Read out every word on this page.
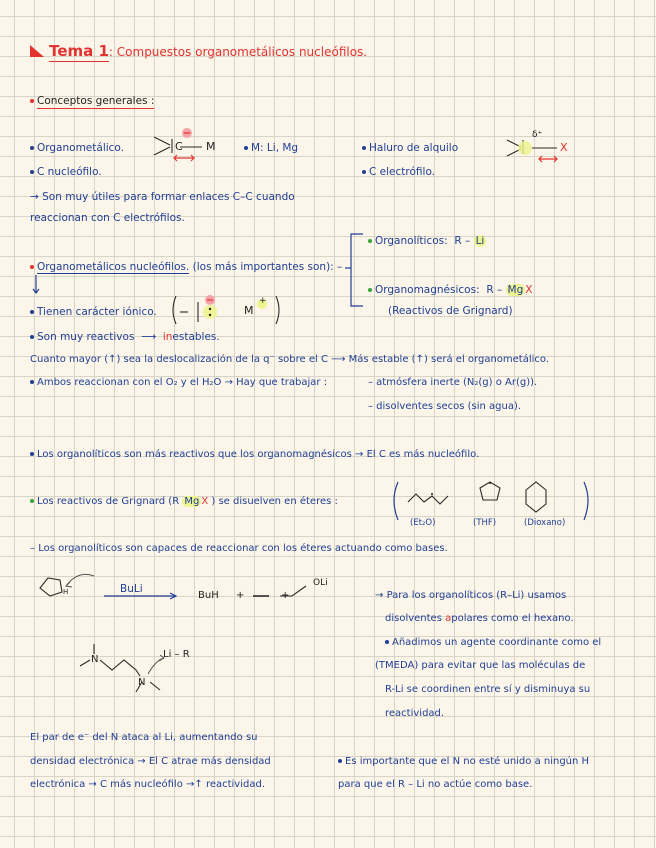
Tema 1: Compuestos organometálicos nucleófilos.
Conceptos generales :
Organometálico.
C nucleófilo.
C M	M: Li, Mg	Haluro de alquilo
C electrófilo.
δ⁺
X
→ Son muy útiles para formar enlaces C–C cuando
reaccionan con C electrófilos.
Organometálicos nucleófilos. (los más importantes son): –
Organolíticos: R – Li
Organomagnésicos: R – Mg X
(Reactivos de Grignard)
Tienen carácter iónico.	M
+
Son muy reactivos  ⟶  inestables.
Cuanto mayor (↑) sea la deslocalización de la q⁻ sobre el C ⟶ Más estable (↑) será el organometálico.
Ambos reaccionan con el O₂ y el H₂O → Hay que trabajar :	– atmósfera inerte (N₂(g) o Ar(g)).
– disolventes secos (sin agua).
Los organolíticos son más reactivos que los organomagnésicos → El C es más nucleófilo.
Los reactivos de Grignard (R Mg X ) se disuelven en éteres :
(Et₂O)	(THF)	(Dioxano)
– Los organolíticos son capaces de reaccionar con los éteres actuando como bases.
H	BuLi
BuH +	+
OLi
→ Para los organolíticos (R–Li) usamos
disolventes apolares como el hexano.
N
N
Li – R
Añadimos un agente coordinante como el
(TMEDA) para evitar que las moléculas de
R-Li se coordinen entre sí y disminuya su
reactividad.
El par de e⁻ del N ataca al Li, aumentando su
densidad electrónica → El C atrae más densidad
electrónica → C más nucleófilo →↑ reactividad.
Es importante que el N no esté unido a ningún H
para que el R – Li no actúe como base.
